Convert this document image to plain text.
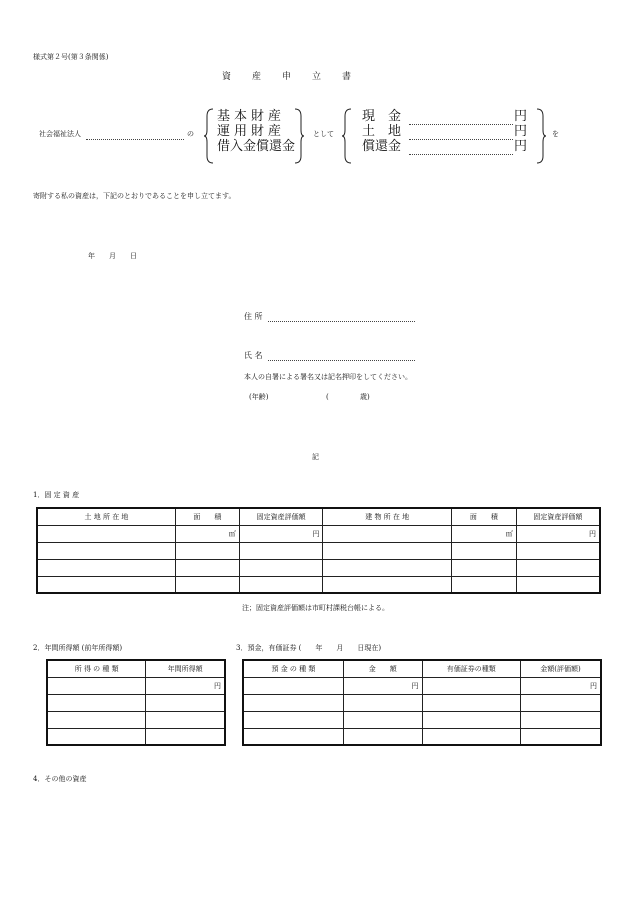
様式第２号(第３条関係)
資　産　申　立　書
社会福祉法人	の
基本財産
運用財産
借入金償還金
として
現　金	円
土　地	円
償還金	円
を
寄附する私の資産は，下記のとおりであることを申し立てます。
年　　月　　日
住 所
氏 名
本人の自署による署名又は記名押印をしてください。
(年齢)	(	歳)
記
1．固 定 資 産
土 地 所 在 地	面　　積	固定資産評価額	建 物 所 在 地	面　　積	固定資産評価額
	㎡	円		㎡	円

注；固定資産評価額は市町村課税台帳による。
2．年間所得額 (前年所得額)
所 得 の 種 類	年間所得額
	円

3．預金，有価証券 (　　年　　月　　日現在)
預 金 の 種 類	金　　額	有価証券の種類	金額(評価額)
	円		円

4．その他の資産
